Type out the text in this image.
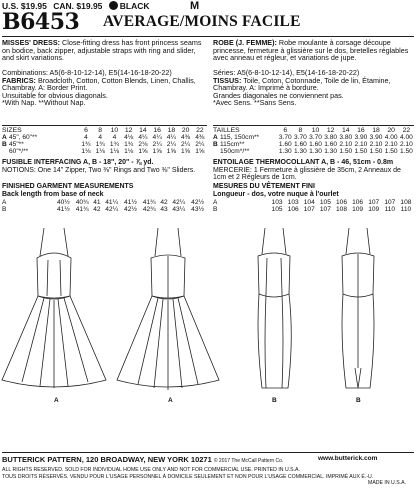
U.S. $19.95 CAN. $19.95 BLACK	M
B6453 AVERAGE/MOINS FACILE
MISSES' DRESS: Close-fitting dress has front princess seams on bodice, back zipper, adjustable straps with ring and slider, and skirt variations.
ROBE (J. FEMME): Robe moulante à corsage découpe princesse, fermeture à glissière sur le dos, bretelles réglables avec anneau et régleur, et variations de jupe.
Combinations: A5(6-8-10-12-14), E5(14-16-18-20-22)
FABRICS: Broadcloth, Cotton, Cotton Blends, Linen, Challis, Chambray. A: Border Print.
Unsuitable for obvious diagonals.
*With Nap. **Without Nap.
Séries: A5(6-8-10-12-14), E5(14-16-18-20-22)
TISSUS: Toile, Coton, Cotonnade, Toile de lin, Étamine, Chambray. A: Imprimé à bordure.
Grandes diagonales ne conviennent pas.
*Avec Sens. **Sans Sens.
SIZES		6	8	10	12	14	16	18	20	22
A	45", 60"**	4	4	4	4⅛	4¼	4¼	4¼	4⅜	4⅜
B	45"**	1¾	1¾	1¾	1¾	2⅛	2¼	2¼	2¼	2¼
	60"*/**	1⅛	1⅛	1⅛	1⅛	1⅝	1⅝	1⅝	1⅝	1⅝
TAILLES		6	8	10	12	14	16	18	20	22
A	115, 150cm**	3.70	3.70	3.70	3.80	3.80	3.90	3.90	4.00	4.00
B	115cm**	1.60	1.60	1.60	1.60	2.10	2.10	2.10	2.10	2.10
	150cm*/**	1.30	1.30	1.30	1.30	1.50	1.50	1.50	1.50	1.50
FUSIBLE INTERFACING A, B - 18", 20" - ⅞ yd.
NOTIONS: One 14" Zipper, Two ⅜" Rings and Two ⅜" Sliders.
ENTOILAGE THERMOCOLLANT A, B - 46, 51cm - 0.8m
MERCERIE: 1 Fermeture à glissière de 35cm, 2 Anneaux de 1cm et 2 Régleurs de 1cm.
FINISHED GARMENT MEASUREMENTS
Back length from base of neck
A	40½	40¾	41	41¼	41½	41¾	42	42¼	42½
B	41½	41¾	42	42¼	42½	42¾	43	43¼	43½
MESURES DU VÊTEMENT FINI
Longueur - dos, votre nuque à l'ourlet
A	103	103	104	105	106	106	107	107	108
B	105	106	107	107	108	109	109	110	110
A	A	B	B
BUTTERICK PATTERN, 120 BROADWAY, NEW YORK 10271 © 2017 The McCall Pattern Co.	www.butterick.com
ALL RIGHTS RESERVED. SOLD FOR INDIVIDUAL HOME USE ONLY AND NOT FOR COMMERCIAL USE. PRINTED IN U.S.A.
TOUS DROITS RÉSERVÉS. VENDU POUR L'USAGE PERSONNEL À DOMICILE SEULEMENT ET NON POUR L'USAGE COMMERCIAL. IMPRIMÉ AUX É.-U.
MADE IN U.S.A.
